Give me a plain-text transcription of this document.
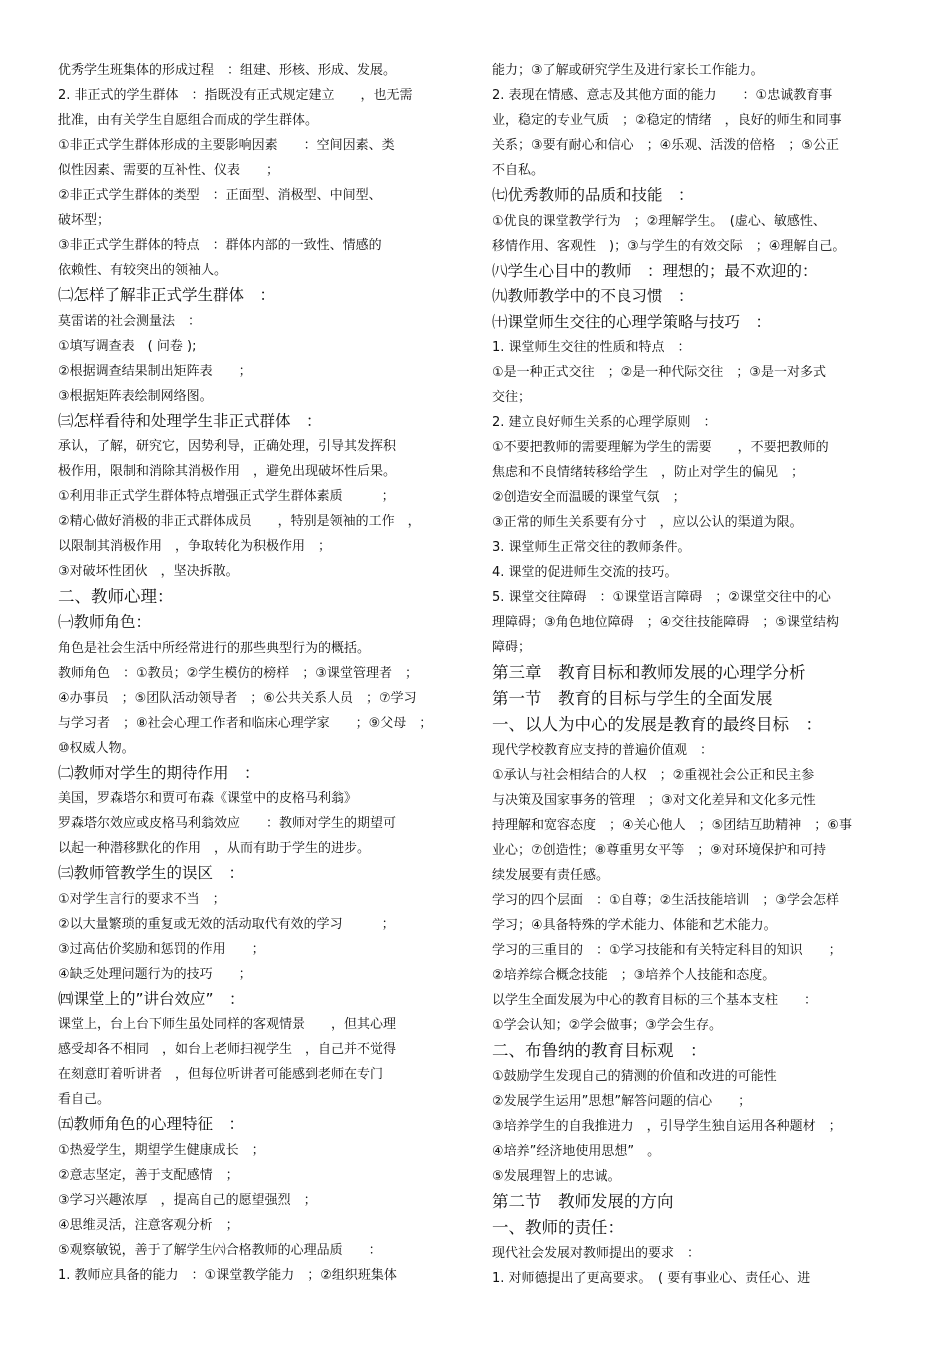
优秀学生班集体的形成过程　：组建、形核、形成、发展。
2. 非正式的学生群体　：指既没有正式规定建立　　，也无需
批准，由有关学生自愿组合而成的学生群体。
①非正式学生群体形成的主要影响因素　　：空间因素、类
似性因素、需要的互补性、仪表　　；
②非正式学生群体的类型　：正面型、消极型、中间型、
破坏型；
③非正式学生群体的特点　：群体内部的一致性、情感的
依赖性、有较突出的领袖人。
㈡怎样了解非正式学生群体　：
莫雷诺的社会测量法　：
①填写调查表　( 问卷 );
②根据调查结果制出矩阵表　　；
③根据矩阵表绘制网络图。
㈢怎样看待和处理学生非正式群体　：
承认，了解，研究它，因势利导，正确处理，引导其发挥积
极作用，限制和消除其消极作用　，避免出现破坏性后果。
①利用非正式学生群体特点增强正式学生群体素质　　　；
②精心做好消极的非正式群体成员　　，特别是领袖的工作　，
以限制其消极作用　，争取转化为积极作用　；
③对破坏性团伙　，坚决拆散。
二、教师心理：
㈠教师角色：
角色是社会生活中所经常进行的那些典型行为的概括。
教师角色　：①教员；②学生模仿的榜样　；③课堂管理者　；
④办事员　；⑤团队活动领导者　；⑥公共关系人员　；⑦学习
与学习者　；⑧社会心理工作者和临床心理学家　　；⑨父母　；
⑩权威人物。
㈡教师对学生的期待作用　：
美国，罗森塔尔和贾可布森《课堂中的皮格马利翁》
罗森塔尔效应或皮格马利翁效应　　：教师对学生的期望可
以起一种潜移默化的作用　，从而有助于学生的进步。
㈢教师管教学生的误区　：
①对学生言行的要求不当　；
②以大量繁琐的重复或无效的活动取代有效的学习　　　；
③过高估价奖励和惩罚的作用　　；
④缺乏处理问题行为的技巧　　；
㈣课堂上的”讲台效应”　：
课堂上，台上台下师生虽处同样的客观情景　　，但其心理
感受却各不相同　，如台上老师扫视学生　，自己并不觉得
在刻意盯着听讲者　，但每位听讲者可能感到老师在专门
看自己。
㈤教师角色的心理特征　：
①热爱学生，期望学生健康成长　；
②意志坚定，善于支配感情　；
③学习兴趣浓厚　，提高自己的愿望强烈　；
④思维灵活，注意客观分析　；
⑤观察敏锐，善于了解学生㈥合格教师的心理品质　　：
1. 教师应具备的能力　：①课堂教学能力　；②组织班集体
能力；③了解或研究学生及进行家长工作能力。
2. 表现在情感、意志及其他方面的能力　　：①忠诚教育事
业，稳定的专业气质　；②稳定的情绪　，良好的师生和同事
关系；③要有耐心和信心　；④乐观、活泼的倍格　；⑤公正
不自私。
㈦优秀教师的品质和技能　：
①优良的课堂教学行为　；②理解学生。　(虚心、敏感性、
移情作用、客观性　)；③与学生的有效交际　；④理解自己。
㈧学生心目中的教师　：理想的；最不欢迎的：
㈨教师教学中的不良习惯　：
㈩课堂师生交往的心理学策略与技巧　：
1. 课堂师生交往的性质和特点　：
①是一种正式交往　；②是一种代际交往　；③是一对多式
交往；
2. 建立良好师生关系的心理学原则　：
①不要把教师的需要理解为学生的需要　　，不要把教师的
焦虑和不良情绪转移给学生　，防止对学生的偏见　；
②创造安全而温暖的课堂气氛　；
③正常的师生关系要有分寸　，应以公认的渠道为限。
3. 课堂师生正常交往的教师条件。
4. 课堂的促进师生交流的技巧。
5. 课堂交往障碍　：①课堂语言障碍　；②课堂交往中的心
理障碍；③角色地位障碍　；④交往技能障碍　；⑤课堂结构
障碍；
第三章　教育目标和教师发展的心理学分析
第一节　教育的目标与学生的全面发展
一、以人为中心的发展是教育的最终目标　：
现代学校教育应支持的普遍价值观　：
①承认与社会相结合的人权　；②重视社会公正和民主参
与决策及国家事务的管理　；③对文化差异和文化多元性
持理解和宽容态度　；④关心他人　；⑤团结互助精神　；⑥事
业心；⑦创造性；⑧尊重男女平等　；⑨对环境保护和可持
续发展要有责任感。
学习的四个层面　：①自尊；②生活技能培训　；③学会怎样
学习；④具备特殊的学术能力、体能和艺术能力。
学习的三重目的　：①学习技能和有关特定科目的知识　　；
②培养综合概念技能　；③培养个人技能和态度。
以学生全面发展为中心的教育目标的三个基本支柱　　：
①学会认知；②学会做事；③学会生存。
二、布鲁纳的教育目标观　：
①鼓励学生发现自己的猜测的价值和改进的可能性
②发展学生运用”思想”解答问题的信心　　；
③培养学生的自我推进力　，引导学生独自运用各种题材　；
④培养”经济地使用思想”　。
⑤发展理智上的忠诚。
第二节　教师发展的方向
一、教师的责任：
现代社会发展对教师提出的要求　：
1. 对师德提出了更高要求。　( 要有事业心、责任心、进
